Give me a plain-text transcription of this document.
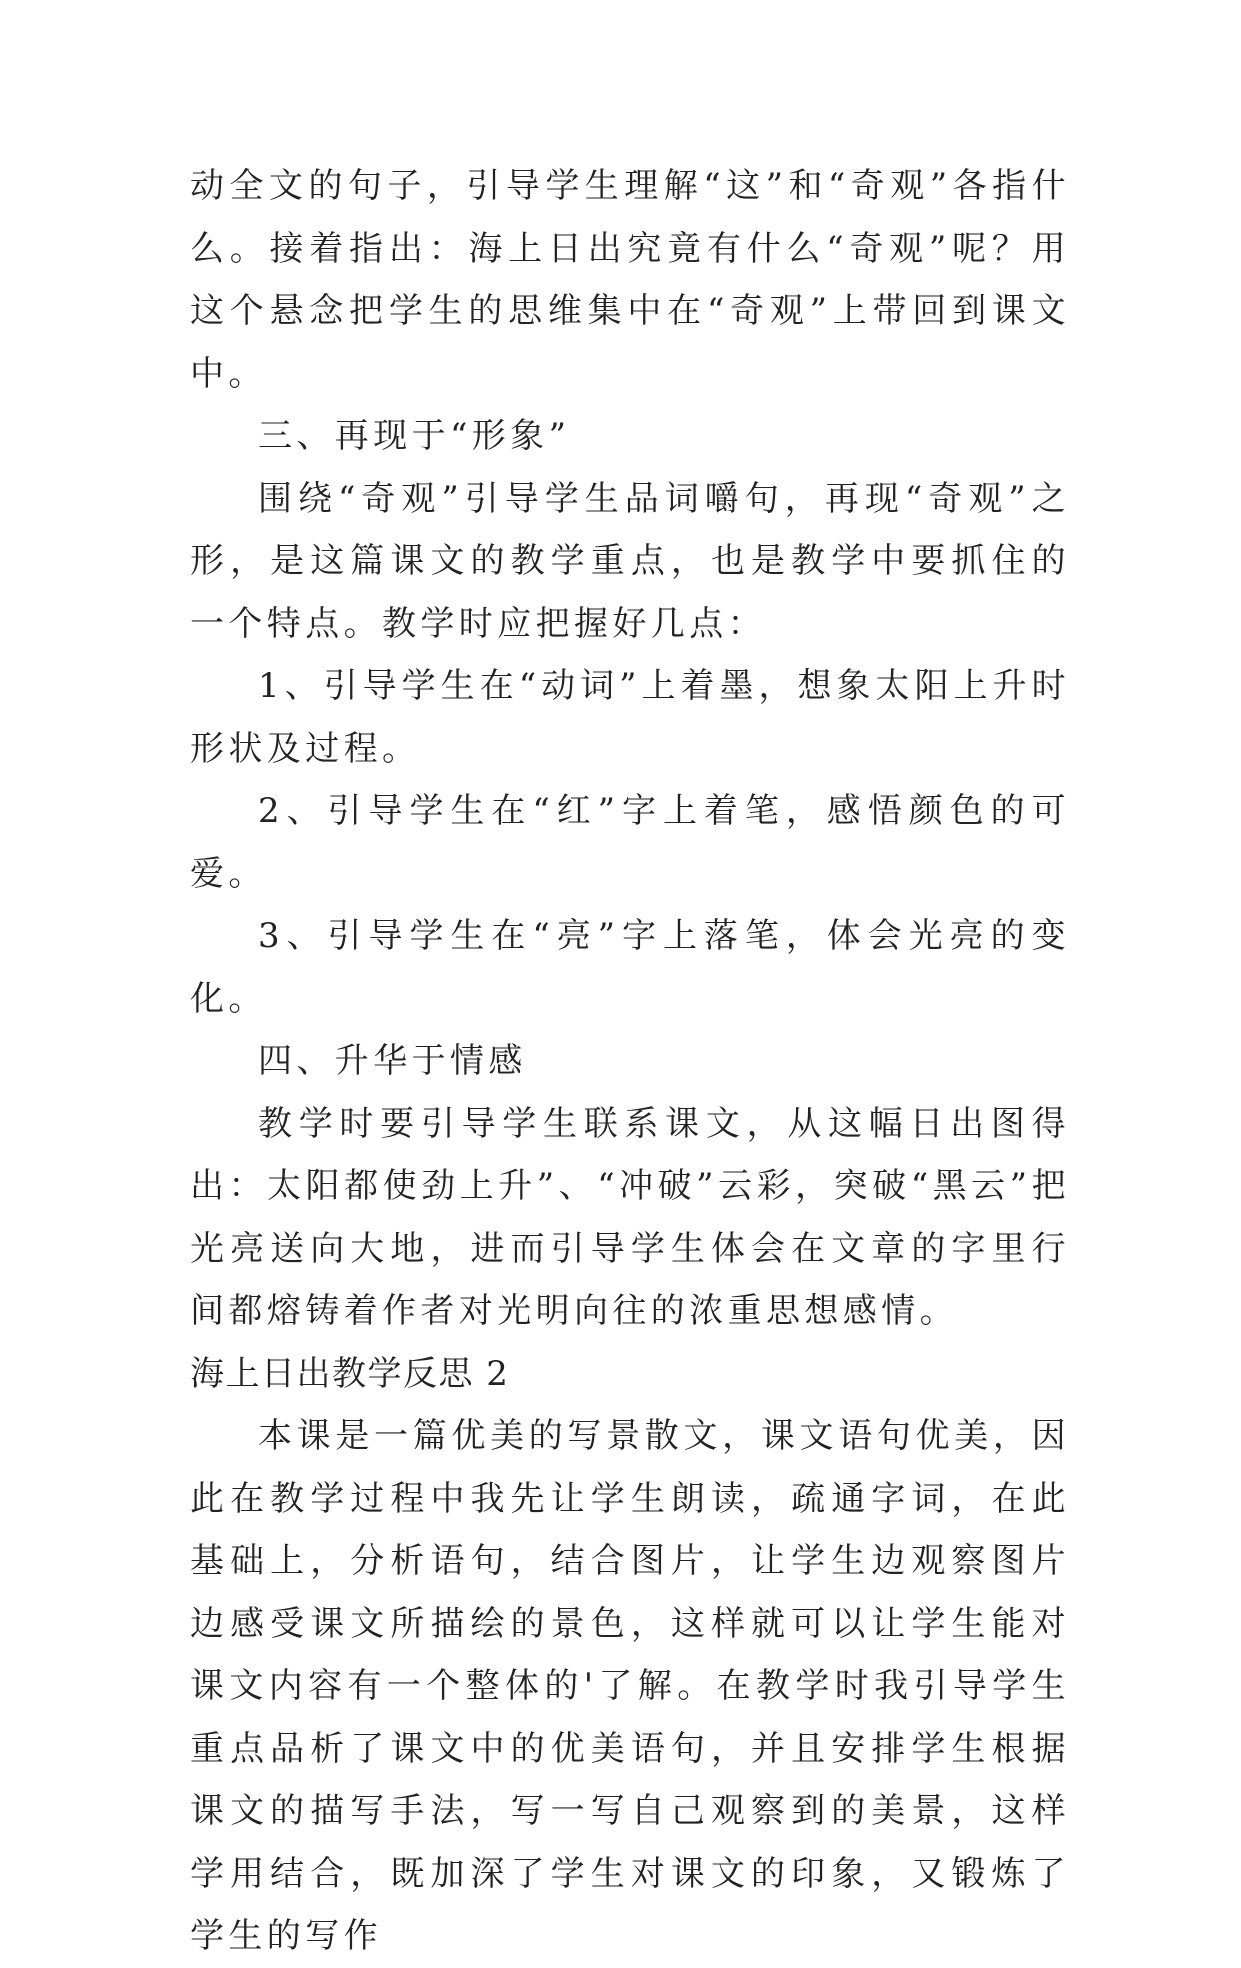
动全文的句子，引导学生理解“这”和“奇观”各指什么。接着指出：海上日出究竟有什么“奇观”呢？用这个悬念把学生的思维集中在“奇观”上带回到课文中。

三、再现于“形象”

围绕“奇观”引导学生品词嚼句，再现“奇观”之形，是这篇课文的教学重点，也是教学中要抓住的一个特点。教学时应把握好几点：

1、引导学生在“动词”上着墨，想象太阳上升时形状及过程。

2、引导学生在“红”字上着笔，感悟颜色的可爱。

3、引导学生在“亮”字上落笔，体会光亮的变化。

四、升华于情感

教学时要引导学生联系课文，从这幅日出图得出：太阳都使劲上升”、“冲破”云彩，突破“黑云”把光亮送向大地，进而引导学生体会在文章的字里行间都熔铸着作者对光明向往的浓重思想感情。

海上日出教学反思 2

本课是一篇优美的写景散文，课文语句优美，因此在教学过程中我先让学生朗读，疏通字词，在此基础上，分析语句，结合图片，让学生边观察图片边感受课文所描绘的景色，这样就可以让学生能对课文内容有一个整体的'了解。在教学时我引导学生重点品析了课文中的优美语句，并且安排学生根据课文的描写手法，写一写自己观察到的美景，这样学用结合，既加深了学生对课文的印象，又锻炼了学生的写作
